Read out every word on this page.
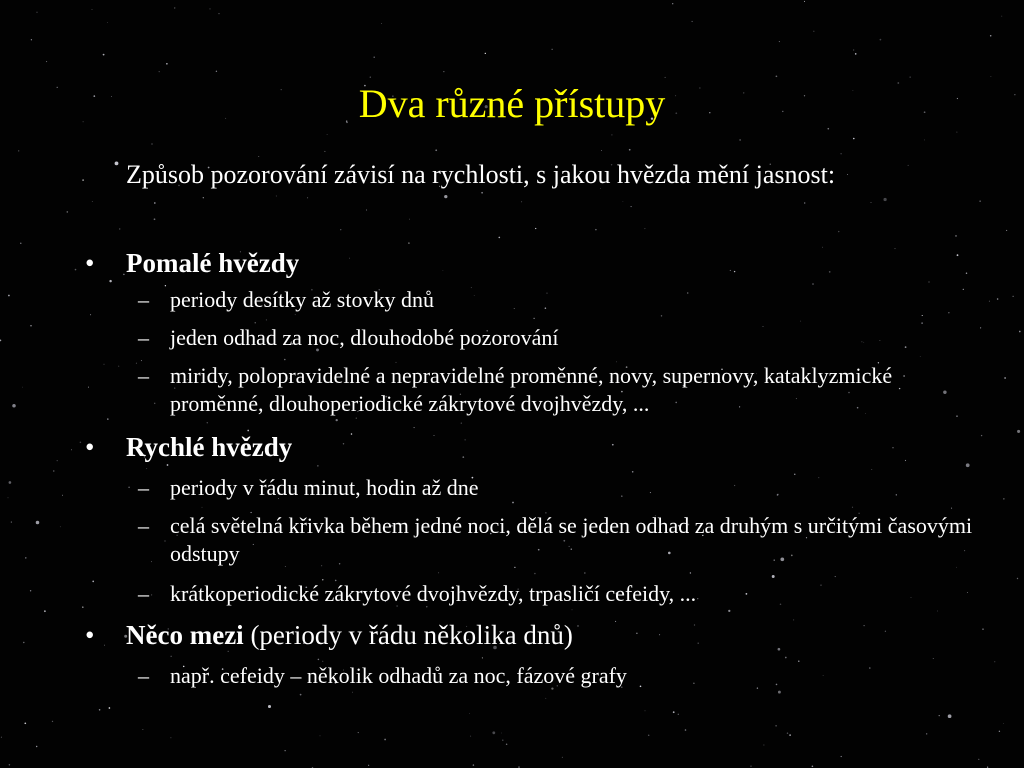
Dva různé přístupy
Způsob pozorování závisí na rychlosti, s jakou hvězda mění jasnost:
• Pomalé hvězdy
– periody desítky až stovky dnů
– jeden odhad za noc, dlouhodobé pozorování
– miridy, polopravidelné a nepravidelné proměnné, novy, supernovy, kataklyzmické proměnné, dlouhoperiodické zákrytové dvojhvězdy, ...
• Rychlé hvězdy
– periody v řádu minut, hodin až dne
– celá světelná křivka během jedné noci, dělá se jeden odhad za druhým s určitými časovými odstupy
– krátkoperiodické zákrytové dvojhvězdy, trpasličí cefeidy, ...
• Něco mezi (periody v řádu několika dnů)
– např. cefeidy – několik odhadů za noc, fázové grafy
